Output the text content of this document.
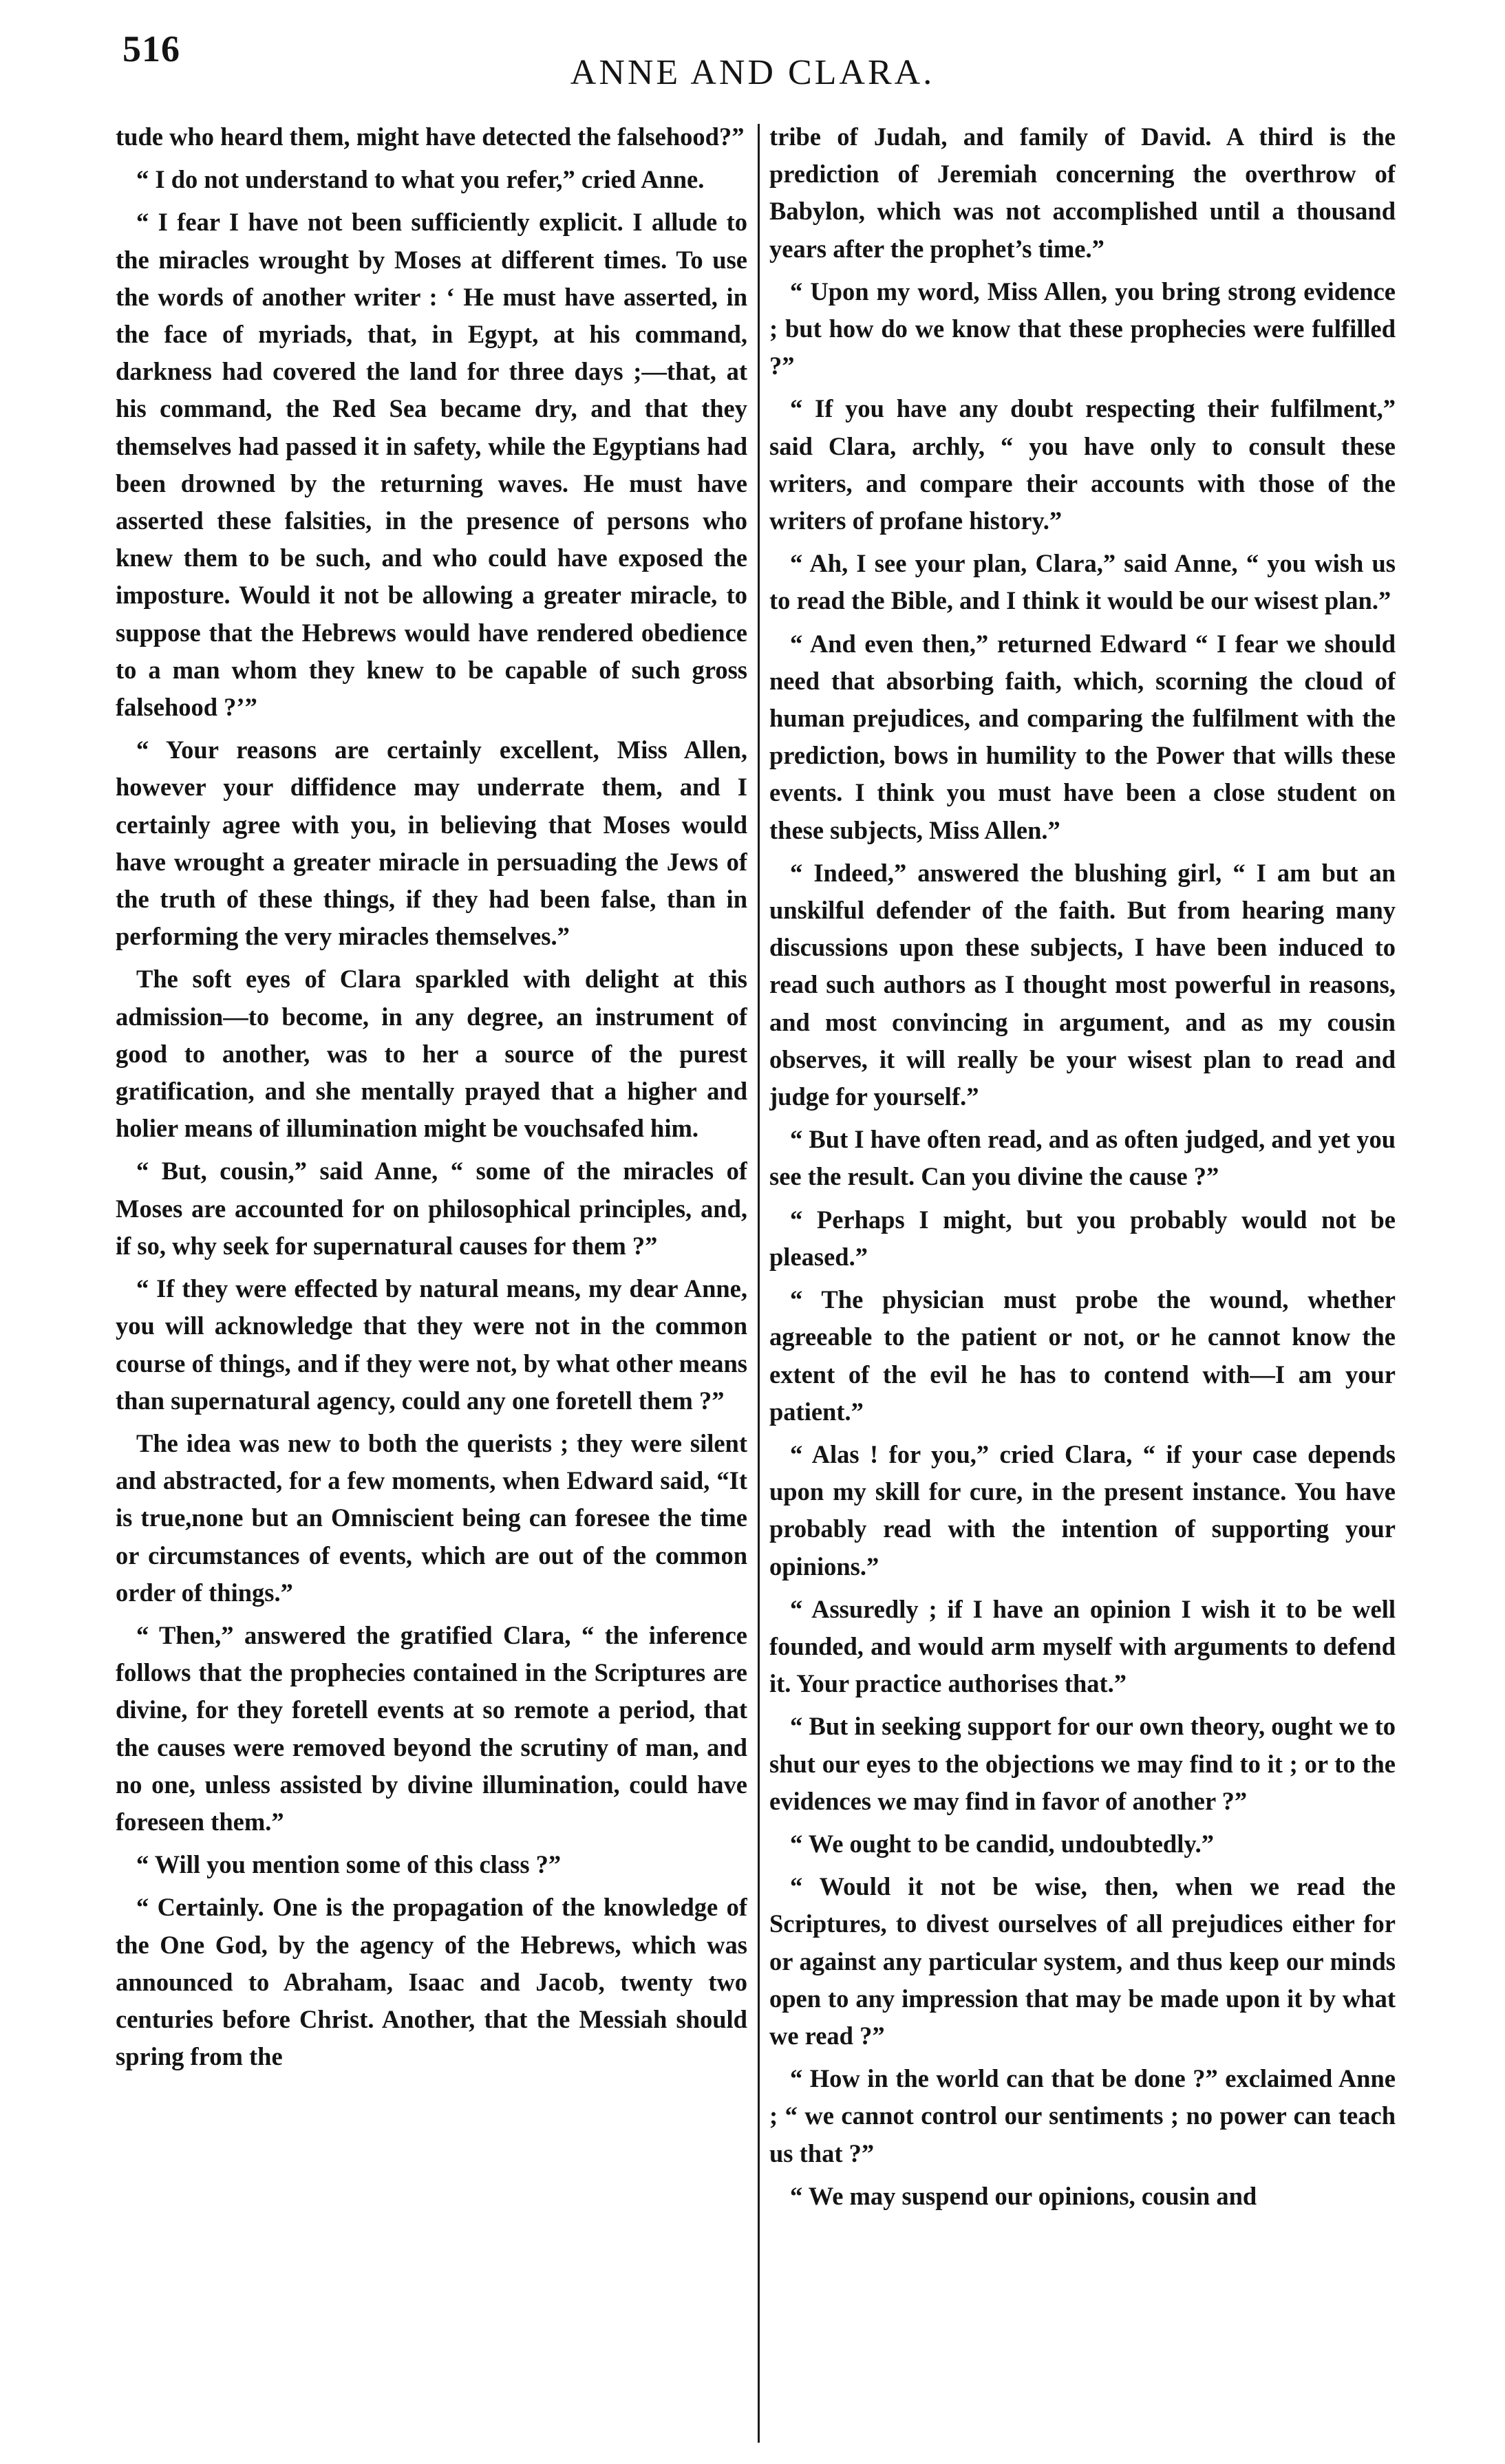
516
ANNE AND CLARA.

tude who heard them, might have detected the falsehood?”

“ I do not understand to what you refer,” cried Anne.

“ I fear I have not been sufficiently explicit. I allude to the miracles wrought by Moses at different times. To use the words of another writer : ‘ He must have asserted, in the face of myriads, that, in Egypt, at his command, darkness had covered the land for three days ;—that, at his command, the Red Sea became dry, and that they themselves had passed it in safety, while the Egyptians had been drowned by the returning waves. He must have asserted these falsities, in the presence of persons who knew them to be such, and who could have exposed the imposture. Would it not be allowing a greater miracle, to suppose that the Hebrews would have rendered obedience to a man whom they knew to be capable of such gross falsehood ?’”

“ Your reasons are certainly excellent, Miss Allen, however your diffidence may underrate them, and I certainly agree with you, in believing that Moses would have wrought a greater miracle in persuading the Jews of the truth of these things, if they had been false, than in performing the very miracles themselves.”

The soft eyes of Clara sparkled with delight at this admission—to become, in any degree, an instrument of good to another, was to her a source of the purest gratification, and she mentally prayed that a higher and holier means of illumination might be vouchsafed him.

“ But, cousin,” said Anne, “ some of the miracles of Moses are accounted for on philosophical principles, and, if so, why seek for supernatural causes for them ?”

“ If they were effected by natural means, my dear Anne, you will acknowledge that they were not in the common course of things, and if they were not, by what other means than supernatural agency, could any one foretell them ?”

The idea was new to both the querists ; they were silent and abstracted, for a few moments, when Edward said, “It is true,none but an Omniscient being can foresee the time or circumstances of events, which are out of the common order of things.”

“ Then,” answered the gratified Clara, “ the inference follows that the prophecies contained in the Scriptures are divine, for they foretell events at so remote a period, that the causes were removed beyond the scrutiny of man, and no one, unless assisted by divine illumination, could have foreseen them.”

“ Will you mention some of this class ?”

“ Certainly. One is the propagation of the knowledge of the One God, by the agency of the Hebrews, which was announced to Abraham, Isaac and Jacob, twenty two centuries before Christ. Another, that the Messiah should spring from the

tribe of Judah, and family of David. A third is the prediction of Jeremiah concerning the overthrow of Babylon, which was not accomplished until a thousand years after the prophet’s time.”

“ Upon my word, Miss Allen, you bring strong evidence ; but how do we know that these prophecies were fulfilled ?”

“ If you have any doubt respecting their fulfilment,” said Clara, archly, “ you have only to consult these writers, and compare their accounts with those of the writers of profane history.”

“ Ah, I see your plan, Clara,” said Anne, “ you wish us to read the Bible, and I think it would be our wisest plan.”

“ And even then,” returned Edward “ I fear we should need that absorbing faith, which, scorning the cloud of human prejudices, and comparing the fulfilment with the prediction, bows in humility to the Power that wills these events. I think you must have been a close student on these subjects, Miss Allen.”

“ Indeed,” answered the blushing girl, “ I am but an unskilful defender of the faith. But from hearing many discussions upon these subjects, I have been induced to read such authors as I thought most powerful in reasons, and most convincing in argument, and as my cousin observes, it will really be your wisest plan to read and judge for yourself.”

“ But I have often read, and as often judged, and yet you see the result. Can you divine the cause ?”

“ Perhaps I might, but you probably would not be pleased.”

“ The physician must probe the wound, whether agreeable to the patient or not, or he cannot know the extent of the evil he has to contend with—I am your patient.”

“ Alas ! for you,” cried Clara, “ if your case depends upon my skill for cure, in the present instance. You have probably read with the intention of supporting your opinions.”

“ Assuredly ; if I have an opinion I wish it to be well founded, and would arm myself with arguments to defend it. Your practice authorises that.”

“ But in seeking support for our own theory, ought we to shut our eyes to the objections we may find to it ; or to the evidences we may find in favor of another ?”

“ We ought to be candid, undoubtedly.”

“ Would it not be wise, then, when we read the Scriptures, to divest ourselves of all prejudices either for or against any particular system, and thus keep our minds open to any impression that may be made upon it by what we read ?”

“ How in the world can that be done ?” exclaimed Anne ; “ we cannot control our sentiments ; no power can teach us that ?”

“ We may suspend our opinions, cousin and
